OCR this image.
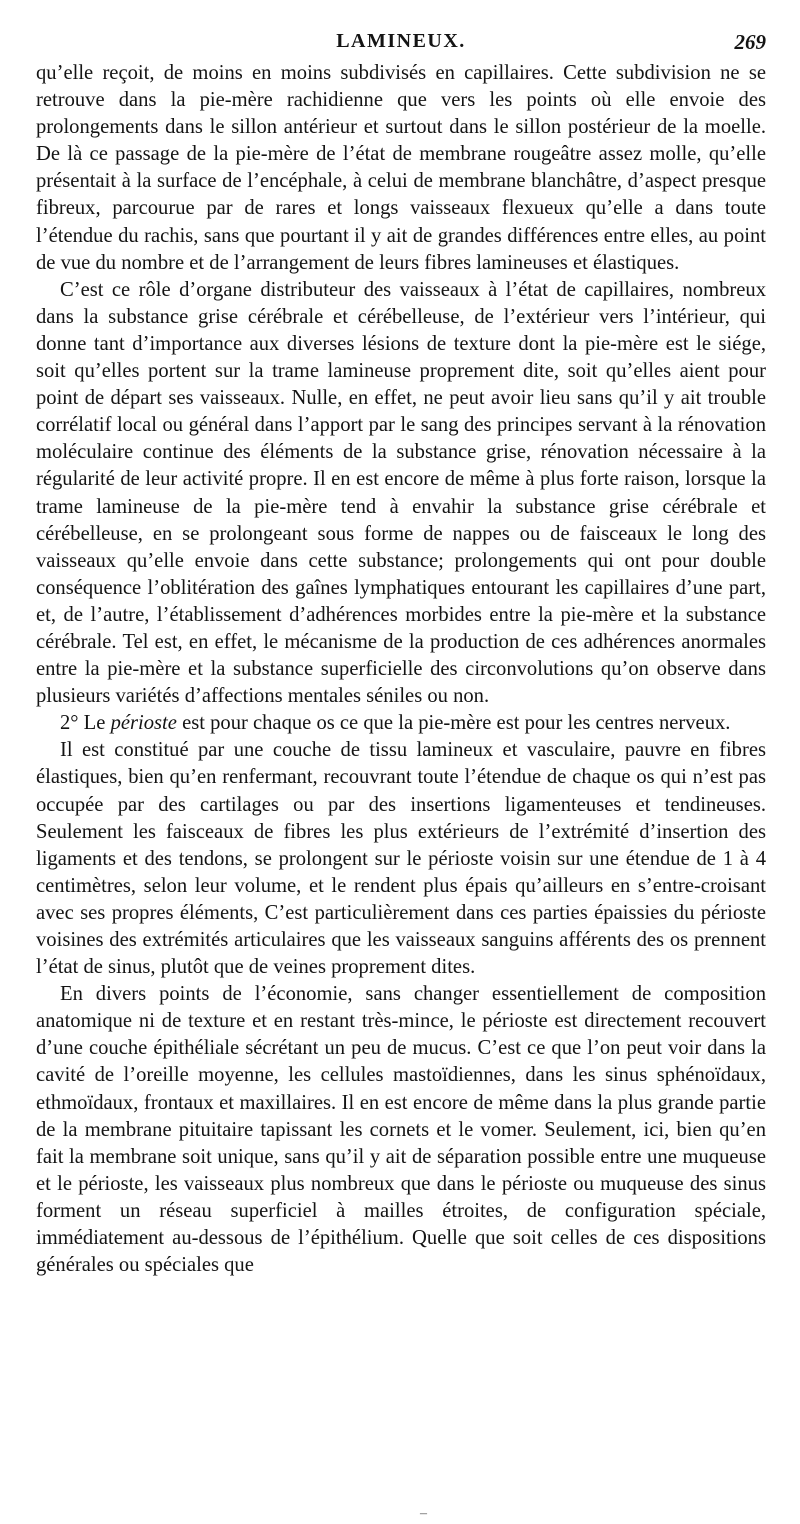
LAMINEUX.	269

qu’elle reçoit, de moins en moins subdivisés en capillaires. Cette subdivision ne se retrouve dans la pie-mère rachidienne que vers les points où elle envoie des prolongements dans le sillon antérieur et surtout dans le sillon postérieur de la moelle. De là ce passage de la pie-mère de l’état de membrane rougeâtre assez molle, qu’elle présentait à la surface de l’encéphale, à celui de membrane blanchâtre, d’aspect presque fibreux, parcourue par de rares et longs vaisseaux flexueux qu’elle a dans toute l’étendue du rachis, sans que pourtant il y ait de grandes différences entre elles, au point de vue du nombre et de l’arrangement de leurs fibres lamineuses et élastiques.

C’est ce rôle d’organe distributeur des vaisseaux à l’état de capillaires, nombreux dans la substance grise cérébrale et cérébelleuse, de l’extérieur vers l’intérieur, qui donne tant d’importance aux diverses lésions de texture dont la pie-mère est le siége, soit qu’elles portent sur la trame lamineuse proprement dite, soit qu’elles aient pour point de départ ses vaisseaux. Nulle, en effet, ne peut avoir lieu sans qu’il y ait trouble corrélatif local ou général dans l’apport par le sang des principes servant à la rénovation moléculaire continue des éléments de la substance grise, rénovation nécessaire à la régularité de leur activité propre. Il en est encore de même à plus forte raison, lorsque la trame lamineuse de la pie-mère tend à envahir la substance grise cérébrale et cérébelleuse, en se prolongeant sous forme de nappes ou de faisceaux le long des vaisseaux qu’elle envoie dans cette substance; prolongements qui ont pour double conséquence l’oblitération des gaînes lymphatiques entourant les capillaires d’une part, et, de l’autre, l’établissement d’adhérences morbides entre la pie-mère et la substance cérébrale. Tel est, en effet, le mécanisme de la production de ces adhérences anormales entre la pie-mère et la substance superficielle des circonvolutions qu’on observe dans plusieurs variétés d’affections mentales séniles ou non.

2° Le périoste est pour chaque os ce que la pie-mère est pour les centres nerveux.

Il est constitué par une couche de tissu lamineux et vasculaire, pauvre en fibres élastiques, bien qu’en renfermant, recouvrant toute l’étendue de chaque os qui n’est pas occupée par des cartilages ou par des insertions ligamenteuses et tendineuses. Seulement les faisceaux de fibres les plus extérieurs de l’extrémité d’insertion des ligaments et des tendons, se prolongent sur le périoste voisin sur une étendue de 1 à 4 centimètres, selon leur volume, et le rendent plus épais qu’ailleurs en s’entre-croisant avec ses propres éléments, C’est particulièrement dans ces parties épaissies du périoste voisines des extrémités articulaires que les vaisseaux sanguins afférents des os prennent l’état de sinus, plutôt que de veines proprement dites.

En divers points de l’économie, sans changer essentiellement de composition anatomique ni de texture et en restant très-mince, le périoste est directement recouvert d’une couche épithéliale sécrétant un peu de mucus. C’est ce que l’on peut voir dans la cavité de l’oreille moyenne, les cellules mastoïdiennes, dans les sinus sphénoïdaux, ethmoïdaux, frontaux et maxillaires. Il en est encore de même dans la plus grande partie de la membrane pituitaire tapissant les cornets et le vomer. Seulement, ici, bien qu’en fait la membrane soit unique, sans qu’il y ait de séparation possible entre une muqueuse et le périoste, les vaisseaux plus nombreux que dans le périoste ou muqueuse des sinus forment un réseau superficiel à mailles étroites, de configuration spéciale, immédiatement au-dessous de l’épithélium. Quelle que soit celles de ces dispositions générales ou spéciales que

–
